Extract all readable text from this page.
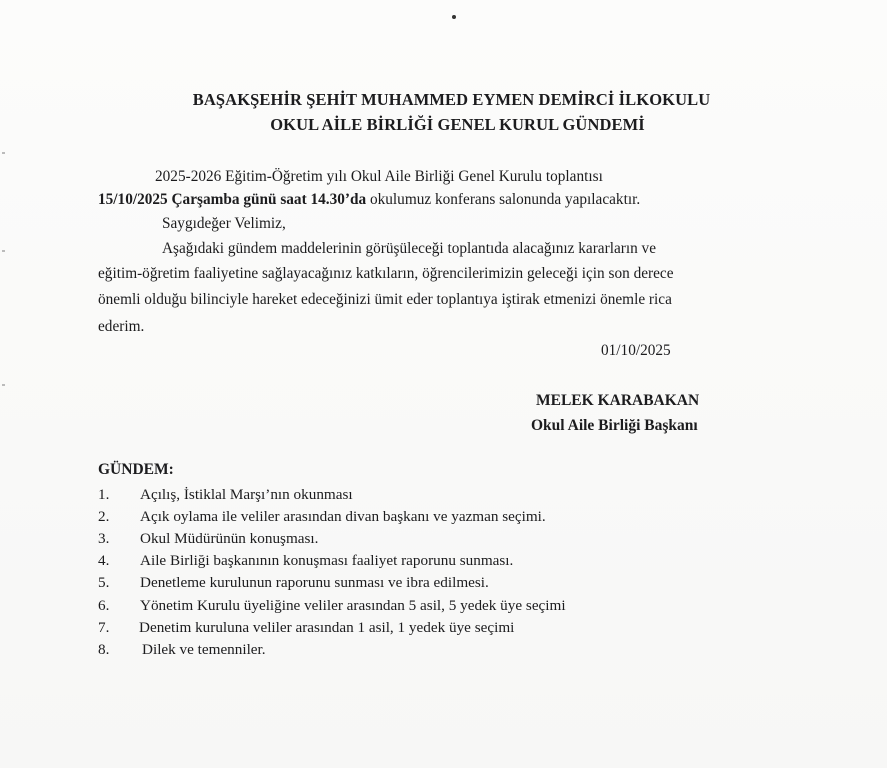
BAŞAKŞEHİR ŞEHİT MUHAMMED EYMEN DEMİRCİ İLKOKULU
OKUL AİLE BİRLİĞİ GENEL KURUL GÜNDEMİ
2025-2026 Eğitim-Öğretim yılı Okul Aile Birliği Genel Kurulu toplantısı
15/10/2025 Çarşamba günü saat 14.30’da okulumuz konferans salonunda yapılacaktır.
Saygıdeğer Velimiz,
Aşağıdaki gündem maddelerinin görüşüleceği toplantıda alacağınız kararların ve
eğitim-öğretim faaliyetine sağlayacağınız katkıların, öğrencilerimizin geleceği için son derece
önemli olduğu bilinciyle hareket edeceğinizi ümit eder toplantıya iştirak etmenizi önemle rica
ederim.
01/10/2025
MELEK KARABAKAN
Okul Aile Birliği Başkanı
GÜNDEM:
1. Açılış, İstiklal Marşı’nın okunması
2. Açık oylama ile veliler arasından divan başkanı ve yazman seçimi.
3. Okul Müdürünün konuşması.
4. Aile Birliği başkanının konuşması faaliyet raporunu sunması.
5. Denetleme kurulunun raporunu sunması ve ibra edilmesi.
6. Yönetim Kurulu üyeliğine veliler arasından 5 asil, 5 yedek üye seçimi
7. Denetim kuruluna veliler arasından 1 asil, 1 yedek üye seçimi
8. Dilek ve temenniler.
